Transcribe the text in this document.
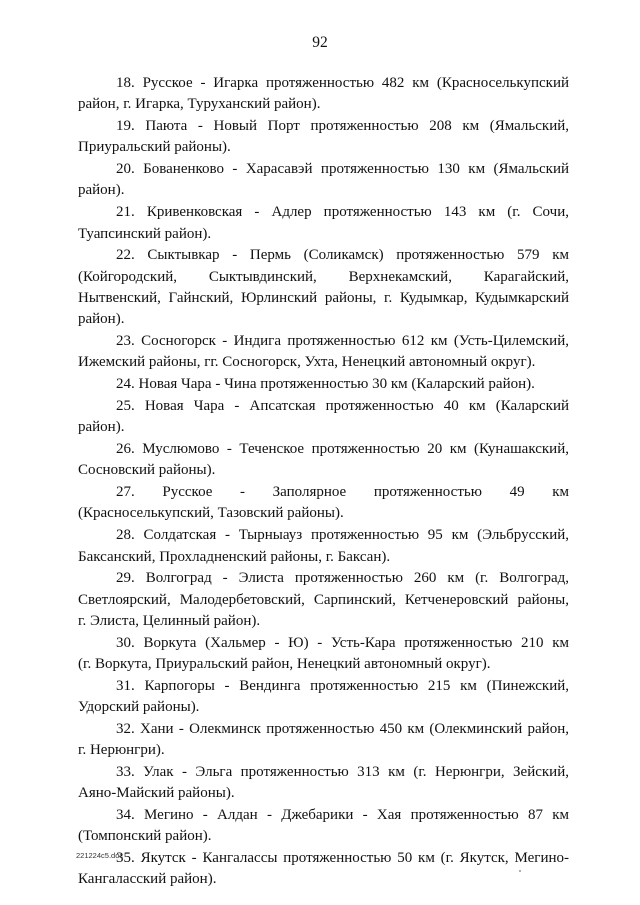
92

18. Русское - Игарка протяженностью 482 км (Красноселькупский
район, г. Игарка, Туруханский район).

19. Паюта - Новый Порт протяженностью 208 км (Ямальский,
Приуральский районы).

20. Бованенково - Харасавэй протяженностью 130 км (Ямальский
район).

21. Кривенковская - Адлер протяженностью 143 км (г. Сочи,
Туапсинский район).

22. Сыктывкар - Пермь (Соликамск) протяженностью 579 км
(Койгородский, Сыктывдинский, Верхнекамский, Карагайский,
Нытвенский, Гайнский, Юрлинский районы, г. Кудымкар, Кудымкарский
район).

23. Сосногорск - Индига протяженностью 612 км (Усть-Цилемский,
Ижемский районы, гг. Сосногорск, Ухта, Ненецкий автономный округ).

24. Новая Чара - Чина протяженностью 30 км (Каларский район).

25. Новая Чара - Апсатская протяженностью 40 км (Каларский
район).

26. Муслюмово - Теченское протяженностью 20 км (Кунашакский,
Сосновский районы).

27. Русское - Заполярное протяженностью 49 км
(Красноселькупский, Тазовский районы).

28. Солдатская - Тырныауз протяженностью 95 км (Эльбрусский,
Баксанский, Прохладненский районы, г. Баксан).

29. Волгоград - Элиста протяженностью 260 км (г. Волгоград,
Светлоярский, Малодербетовский, Сарпинский, Кетченеровский районы,
г. Элиста, Целинный район).

30. Воркута (Хальмер - Ю) - Усть-Кара протяженностью 210 км
(г. Воркута, Приуральский район, Ненецкий автономный округ).

31. Карпогоры - Вендинга протяженностью 215 км (Пинежский,
Удорский районы).

32. Хани - Олекминск протяженностью 450 км (Олекминский район,
г. Нерюнгри).

33. Улак - Эльга протяженностью 313 км (г. Нерюнгри, Зейский,
Аяно-Майский районы).

34. Мегино - Алдан - Джебарики - Хая протяженностью 87 км
(Томпонский район).

35. Якутск - Кангалассы протяженностью 50 км (г. Якутск, Мегино-
Кангаласский район).

221224c5.doc
